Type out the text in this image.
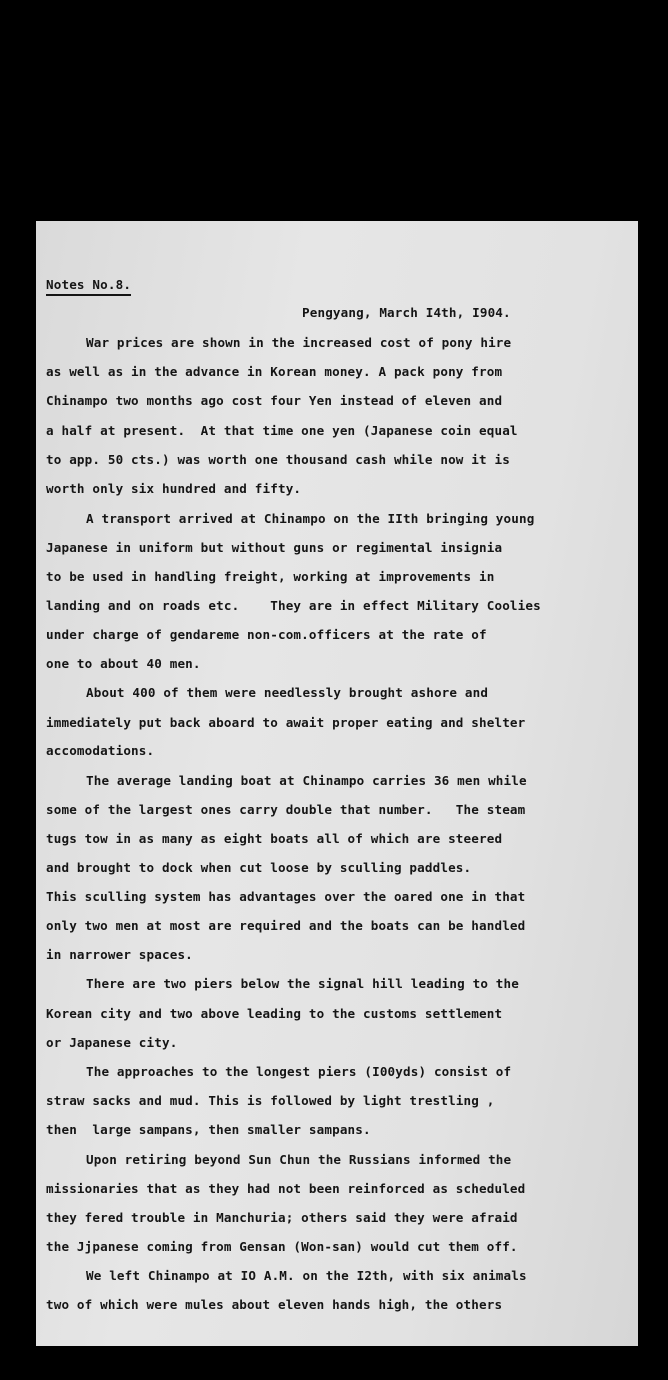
Notes No.8.
Pengyang, March I4th, I904.
War prices are shown in the increased cost of pony hire
as well as in the advance in Korean money. A pack pony from
Chinampo two months ago cost four Yen instead of eleven and
a half at present.  At that time one yen (Japanese coin equal
to app. 50 cts.) was worth one thousand cash while now it is
worth only six hundred and fifty.
A transport arrived at Chinampo on the IIth bringing young
Japanese in uniform but without guns or regimental insignia
to be used in handling freight, working at improvements in
landing and on roads etc.    They are in effect Military Coolies
under charge of gendareme non-com.officers at the rate of
one to about 40 men.
About 400 of them were needlessly brought ashore and
immediately put back aboard to await proper eating and shelter
accomodations.
The average landing boat at Chinampo carries 36 men while
some of the largest ones carry double that number.   The steam
tugs tow in as many as eight boats all of which are steered
and brought to dock when cut loose by sculling paddles.
This sculling system has advantages over the oared one in that
only two men at most are required and the boats can be handled
in narrower spaces.
There are two piers below the signal hill leading to the
Korean city and two above leading to the customs settlement
or Japanese city.
The approaches to the longest piers (I00yds) consist of
straw sacks and mud. This is followed by light trestling ,
then  large sampans, then smaller sampans.
Upon retiring beyond Sun Chun the Russians informed the
missionaries that as they had not been reinforced as scheduled
they fered trouble in Manchuria; others said they were afraid
the Jjpanese coming from Gensan (Won-san) would cut them off.
We left Chinampo at IO A.M. on the I2th, with six animals
two of which were mules about eleven hands high, the others
